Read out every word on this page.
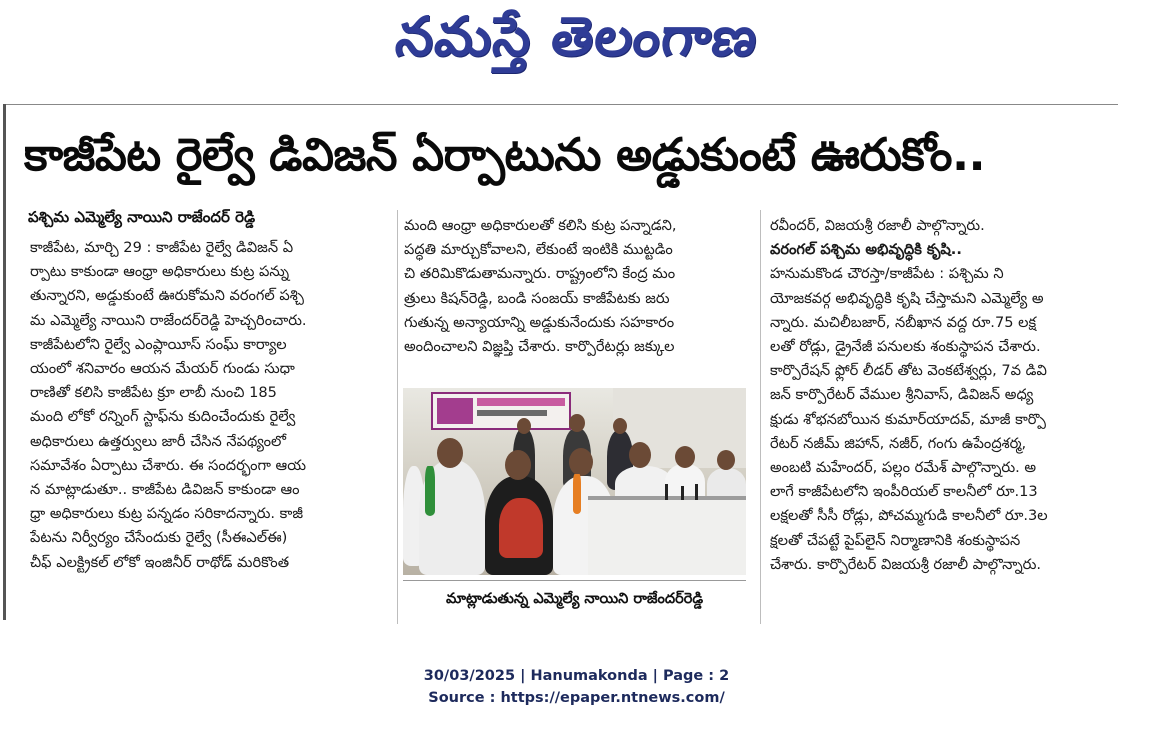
నమస్తే తెలంగాణ
కాజీపేట రైల్వే డివిజన్ ఏర్పాటును అడ్డుకుంటే ఊరుకోం..
పశ్చిమ ఎమ్మెల్యే నాయిని రాజేందర్ రెడ్డి

కాజీపేట, మార్చి 29 : కాజీపేట రైల్వే డివిజన్ ఏ

ర్పాటు కాకుండా ఆంధ్రా అధికారులు కుట్ర పన్ను

తున్నారని, అడ్డుకుంటే ఊరుకోమని వరంగల్ పశ్చి

మ ఎమ్మెల్యే నాయిని రాజేందర్‌రెడ్డి హెచ్చరించారు.

కాజీపేటలోని రైల్వే ఎంప్లాయీస్ సంఘ్ కార్యాల

యంలో శనివారం ఆయన మేయర్ గుండు సుధా

రాణితో కలిసి కాజీపేట క్రూ లాబీ నుంచి 185

మంది లోకో రన్నింగ్ స్టాఫ్‌ను కుదించేందుకు రైల్వే

అధికారులు ఉత్తర్వులు జారీ చేసిన నేపథ్యంలో

సమావేశం ఏర్పాటు చేశారు. ఈ సందర్భంగా ఆయ

న మాట్లాడుతూ.. కాజీపేట డివిజన్ కాకుండా ఆం

ధ్రా అధికారులు కుట్ర పన్నడం సరికాదన్నారు. కాజీ

పేటను నిర్వీర్యం చేసేందుకు రైల్వే (సీఈఎల్ఈ)

చీఫ్ ఎలక్ట్రికల్ లోకో ఇంజినీర్ రాథోడ్ మరికొంత

మంది ఆంధ్రా అధికారులతో కలిసి కుట్ర పన్నాడని,

పద్ధతి మార్చుకోవాలని, లేకుంటే ఇంటికి ముట్టడిం

చి తరిమికొడుతామన్నారు. రాష్ట్రంలోని కేంద్ర మం

త్రులు కిషన్‌రెడ్డి, బండి సంజయ్ కాజీపేటకు జరు

గుతున్న అన్యాయాన్ని అడ్డుకునేందుకు సహకారం

అందించాలని విజ్ఞప్తి చేశారు. కార్పొరేటర్లు జక్కుల

మాట్లాడుతున్న ఎమ్మెల్యే నాయిని రాజేందర్‌రెడ్డి

రవీందర్, విజయశ్రీ రజాలీ పాల్గొన్నారు.

వరంగల్ పశ్చిమ అభివృద్ధికి కృషి..

హనుమకొండ చౌరస్తా/కాజీపేట : పశ్చిమ ని

యోజకవర్గ అభివృద్ధికి కృషి చేస్తామని ఎమ్మెల్యే అ

న్నారు. మచిలీబజార్, నబీఖాన వద్ద రూ.75 లక్ష

లతో రోడ్లు, డ్రైనేజీ పనులకు శంకుస్థాపన చేశారు.

కార్పొరేషన్ ఫ్లోర్ లీడర్ తోట వెంకటేశ్వర్లు, 7వ డివి

జన్ కార్పొరేటర్ వేముల శ్రీనివాస్, డివిజన్ అధ్య

క్షుడు శోభనబోయిన కుమార్‌యాదవ్, మాజీ కార్పొ

రేటర్ నజీమ్ జిహాన్, నజీర్, గంగు ఉపేంద్రశర్మ,

అంబటి మహేందర్, పల్లం రమేశ్ పాల్గొన్నారు. అ

లాగే కాజీపేటలోని ఇంపీరియల్ కాలనీలో రూ.13

లక్షలతో సీసీ రోడ్లు, పోచమ్మగుడి కాలనీలో రూ.3ల

క్షలతో చేపట్టే పైప్‌లైన్ నిర్మాణానికి శంకుస్థాపన

చేశారు. కార్పొరేటర్ విజయశ్రీ రజాలీ పాల్గొన్నారు.

30/03/2025 | Hanumakonda | Page : 2
Source : https://epaper.ntnews.com/
